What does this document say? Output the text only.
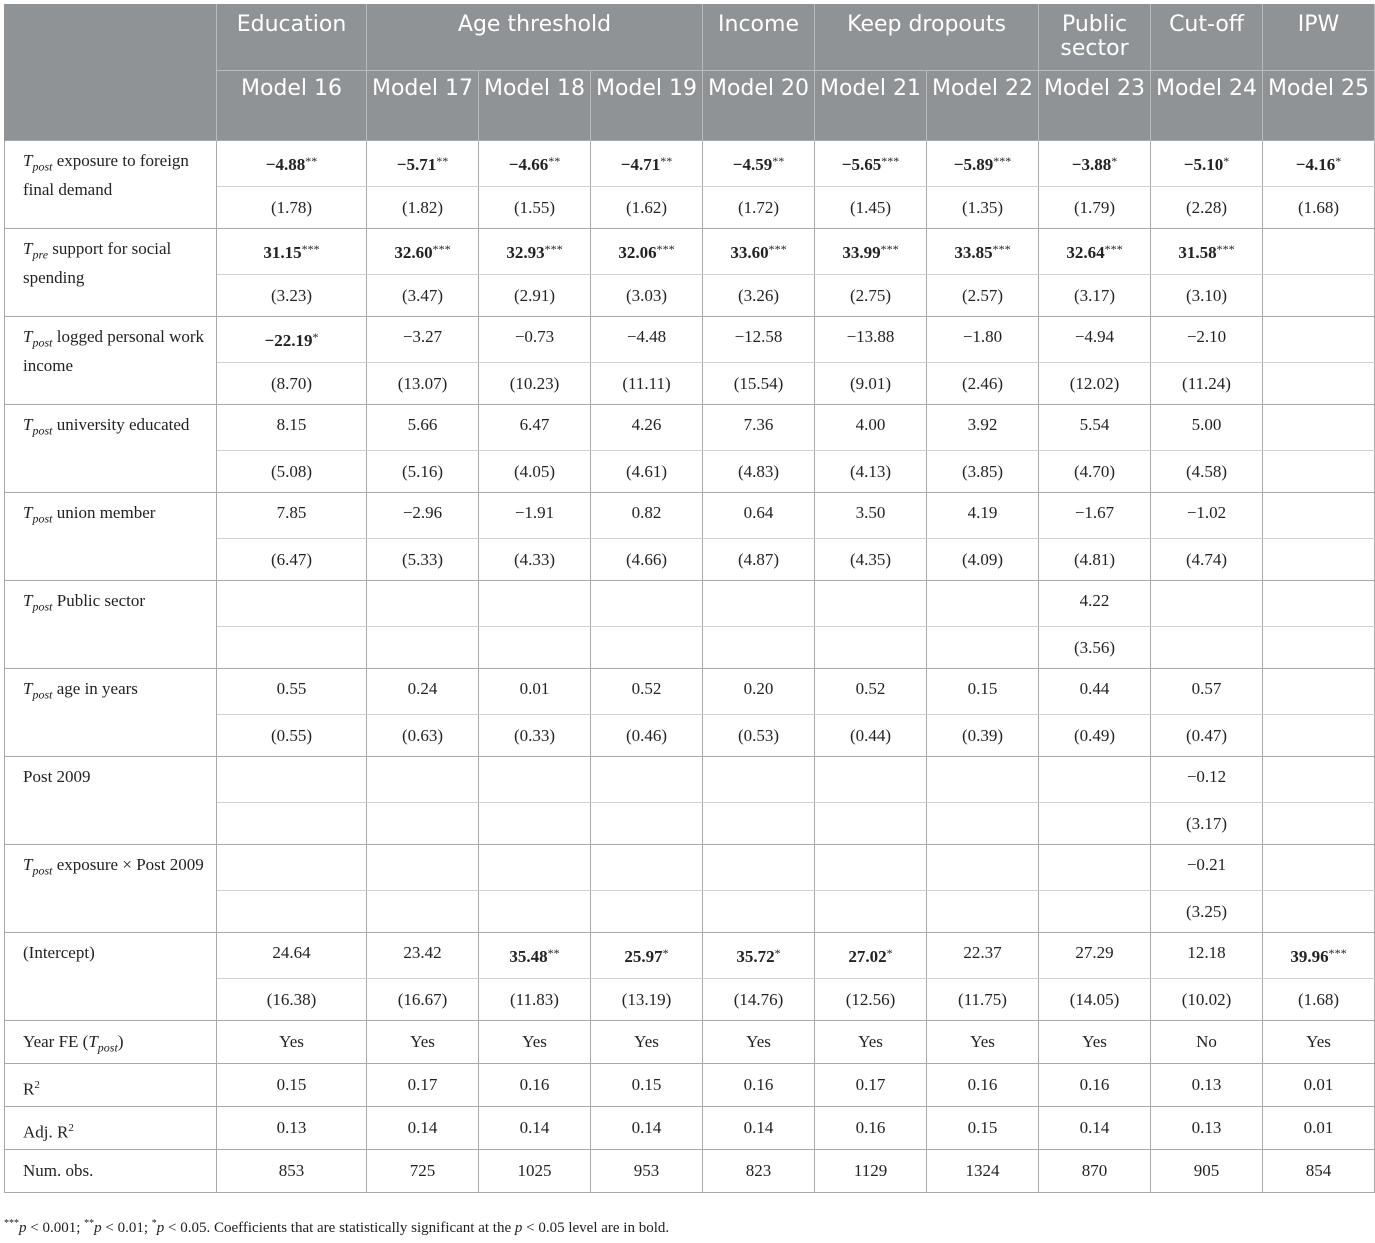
	Education	Age threshold			Income	Keep dropouts		Public sector	Cut-off	IPW
	Model 16	Model 17	Model 18	Model 19	Model 20	Model 21	Model 22	Model 23	Model 24	Model 25
$T_{post}$ exposure to foreign final demand	−4.88**	−5.71**	−4.66**	−4.71**	−4.59**	−5.65***	−5.89***	−3.88*	−5.10*	−4.16*
	(1.78)	(1.82)	(1.55)	(1.62)	(1.72)	(1.45)	(1.35)	(1.79)	(2.28)	(1.68)
$T_{pre}$ support for social spending	31.15***	32.60***	32.93***	32.06***	33.60***	33.99***	33.85***	32.64***	31.58***	
	(3.23)	(3.47)	(2.91)	(3.03)	(3.26)	(2.75)	(2.57)	(3.17)	(3.10)	
$T_{post}$ logged personal work income	−22.19*	−3.27	−0.73	−4.48	−12.58	−13.88	−1.80	−4.94	−2.10	
	(8.70)	(13.07)	(10.23)	(11.11)	(15.54)	(9.01)	(2.46)	(12.02)	(11.24)	
$T_{post}$ university educated	8.15	5.66	6.47	4.26	7.36	4.00	3.92	5.54	5.00	
	(5.08)	(5.16)	(4.05)	(4.61)	(4.83)	(4.13)	(3.85)	(4.70)	(4.58)	
$T_{post}$ union member	7.85	−2.96	−1.91	0.82	0.64	3.50	4.19	−1.67	−1.02	
	(6.47)	(5.33)	(4.33)	(4.66)	(4.87)	(4.35)	(4.09)	(4.81)	(4.74)	
$T_{post}$ Public sector								4.22		
								(3.56)		
$T_{post}$ age in years	0.55	0.24	0.01	0.52	0.20	0.52	0.15	0.44	0.57	
	(0.55)	(0.63)	(0.33)	(0.46)	(0.53)	(0.44)	(0.39)	(0.49)	(0.47)	
Post 2009									−0.12	
									(3.17)	
$T_{post}$ exposure × Post 2009									−0.21	
									(3.25)	
(Intercept)	24.64	23.42	35.48**	25.97*	35.72*	27.02*	22.37	27.29	12.18	39.96***
	(16.38)	(16.67)	(11.83)	(13.19)	(14.76)	(12.56)	(11.75)	(14.05)	(10.02)	(1.68)
Year FE $(T_{post})$	Yes	Yes	Yes	Yes	Yes	Yes	Yes	Yes	No	Yes
$R^2$	0.15	0.17	0.16	0.15	0.16	0.17	0.16	0.16	0.13	0.01
Adj. $R^2$	0.13	0.14	0.14	0.14	0.14	0.16	0.15	0.14	0.13	0.01
Num. obs.	853	725	1025	953	823	1129	1324	870	905	854
***p < 0.001; **p < 0.01; *p < 0.05. Coefficients that are statistically significant at the p < 0.05 level are in bold.
